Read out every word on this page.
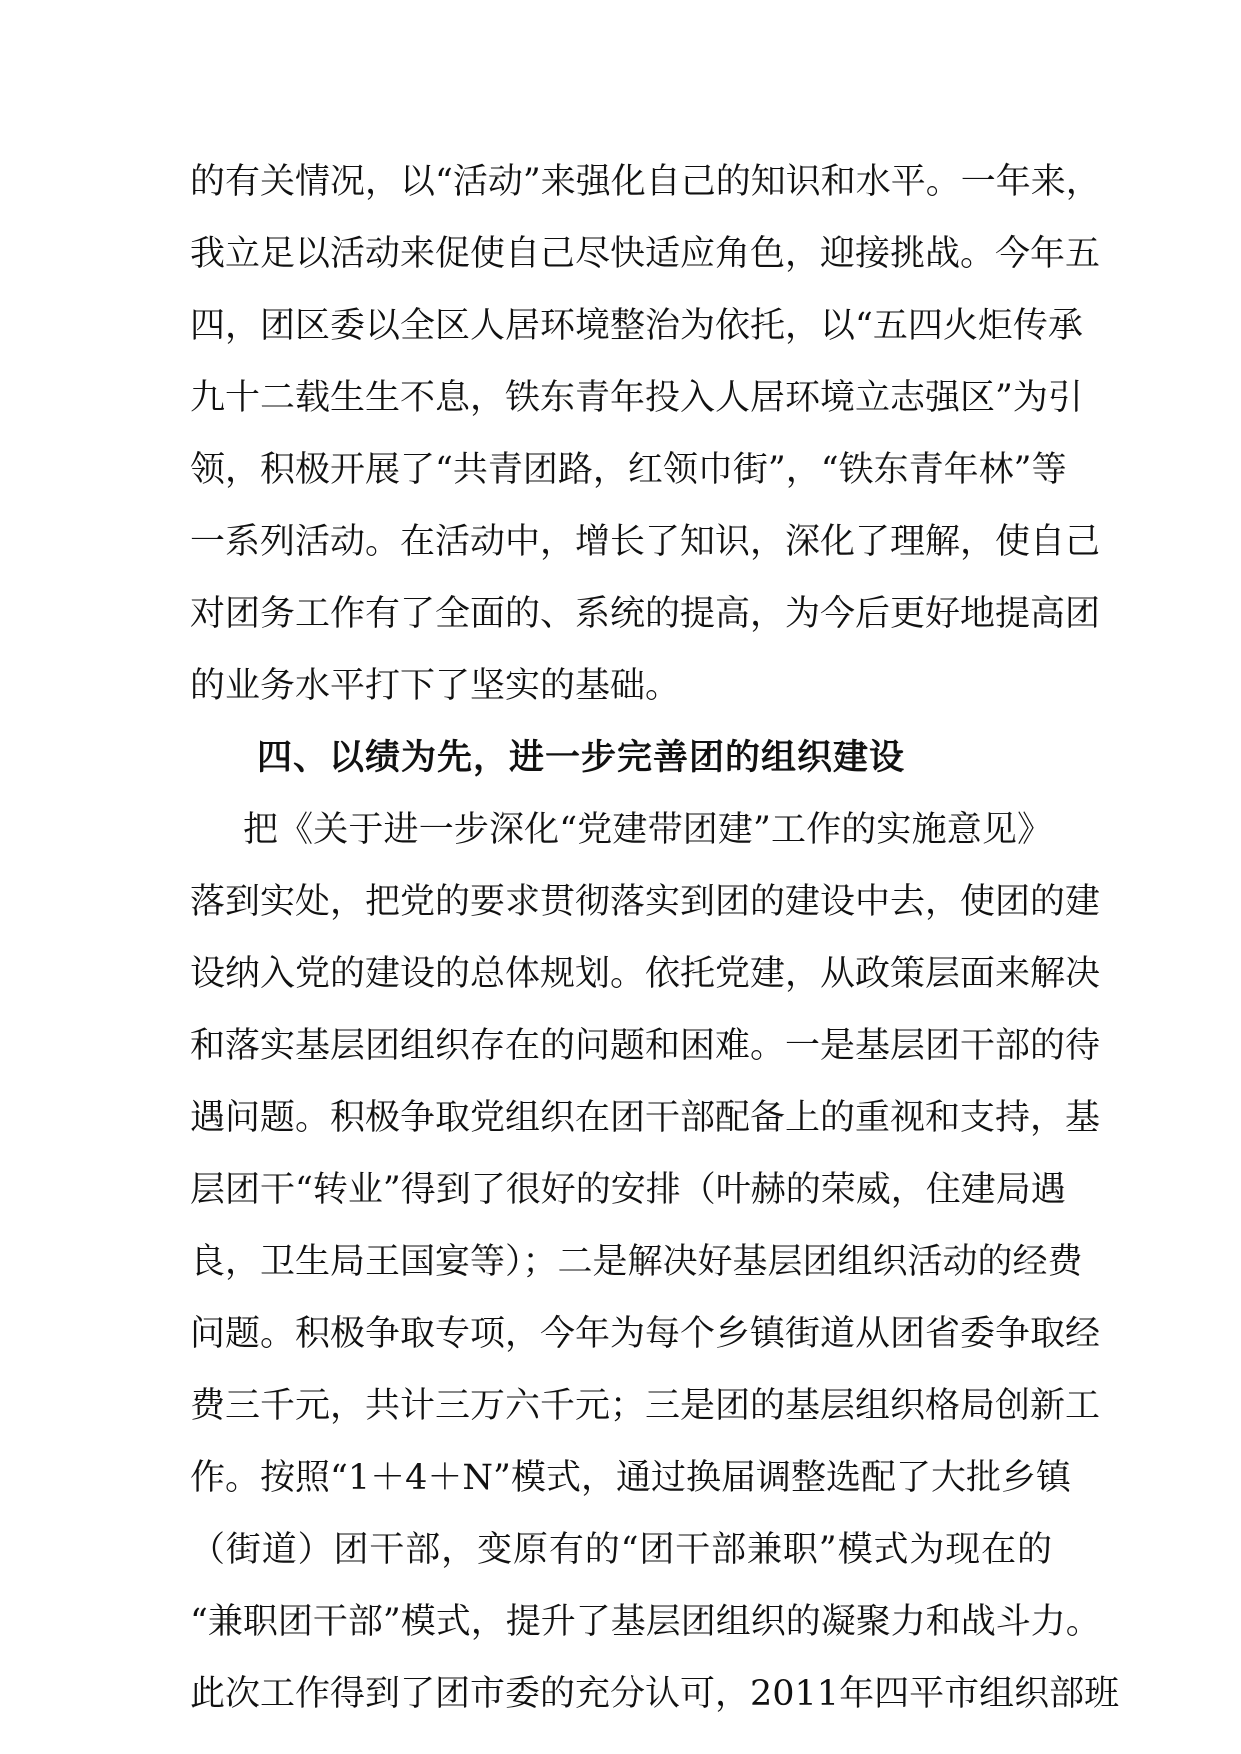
的有关情况，以“活动”来强化自己的知识和水平。一年来，
我立足以活动来促使自己尽快适应角色，迎接挑战。今年五
四，团区委以全区人居环境整治为依托，以“五四火炬传承
九十二载生生不息，铁东青年投入人居环境立志强区”为引
领，积极开展了“共青团路，红领巾街”，“铁东青年林”等
一系列活动。在活动中，增长了知识，深化了理解，使自己
对团务工作有了全面的、系统的提高，为今后更好地提高团
的业务水平打下了坚实的基础。
四、以绩为先，进一步完善团的组织建设
把《关于进一步深化“党建带团建”工作的实施意见》
落到实处，把党的要求贯彻落实到团的建设中去，使团的建
设纳入党的建设的总体规划。依托党建，从政策层面来解决
和落实基层团组织存在的问题和困难。一是基层团干部的待
遇问题。积极争取党组织在团干部配备上的重视和支持，基
层团干“转业”得到了很好的安排（叶赫的荣威，住建局遇
良，卫生局王国宴等）；二是解决好基层团组织活动的经费
问题。积极争取专项，今年为每个乡镇街道从团省委争取经
费三千元，共计三万六千元；三是团的基层组织格局创新工
作。按照“1＋4＋N”模式，通过换届调整选配了大批乡镇
（街道）团干部，变原有的“团干部兼职”模式为现在的
“兼职团干部”模式，提升了基层团组织的凝聚力和战斗力。
此次工作得到了团市委的充分认可，2011年四平市组织部班
